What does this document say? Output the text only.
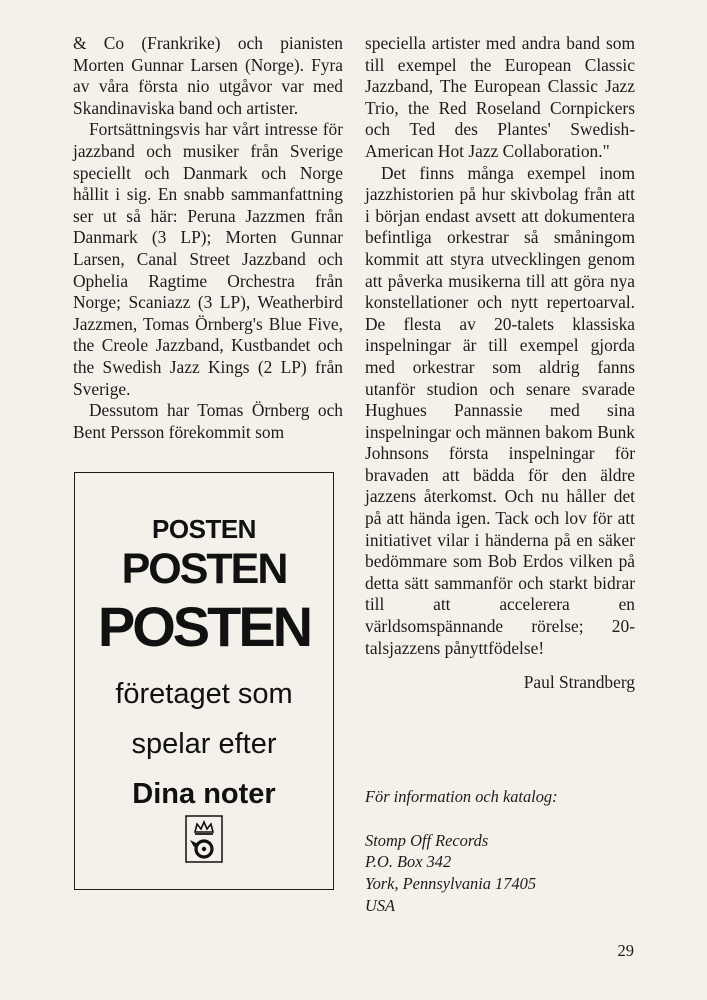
& Co (Frankrike) och pianisten Morten Gunnar Larsen (Norge). Fyra av våra första nio utgåvor var med Skandinaviska band och artister.

Fortsättningsvis har vårt intresse för jazzband och musiker från Sverige speciellt och Danmark och Norge hållit i sig. En snabb sammanfattning ser ut så här: Peruna Jazzmen från Danmark (3 LP); Morten Gunnar Larsen, Canal Street Jazzband och Ophelia Ragtime Orchestra från Norge; Scaniazz (3 LP), Weatherbird Jazzmen, Tomas Örnberg's Blue Five, the Creole Jazzband, Kustbandet och the Swedish Jazz Kings (2 LP) från Sverige.

Dessutom har Tomas Örnberg och Bent Persson förekommit som

POSTEN
POSTEN
POSTEN
företaget som
spelar efter
Dina noter

speciella artister med andra band som till exempel the European Classic Jazzband, The European Classic Jazz Trio, the Red Roseland Cornpickers och Ted des Plantes' Swedish-American Hot Jazz Collaboration."

Det finns många exempel inom jazzhistorien på hur skivbolag från att i början endast avsett att dokumentera befintliga orkestrar så småningom kommit att styra utvecklingen genom att påverka musikerna till att göra nya konstellationer och nytt repertoarval. De flesta av 20-talets klassiska inspelningar är till exempel gjorda med orkestrar som aldrig fanns utanför studion och senare svarade Hughues Pannassie med sina inspelningar och männen bakom Bunk Johnsons första inspelningar för bravaden att bädda för den äldre jazzens återkomst. Och nu håller det på att hända igen. Tack och lov för att initiativet vilar i händerna på en säker bedömmare som Bob Erdos vilken på detta sätt sammanför och starkt bidrar till att accelerera en världsomspännande rörelse; 20-talsjazzens pånyttfödelse!

Paul Strandberg

För information och katalog:
Stomp Off Records
P.O. Box 342
York, Pennsylvania 17405
USA
29
